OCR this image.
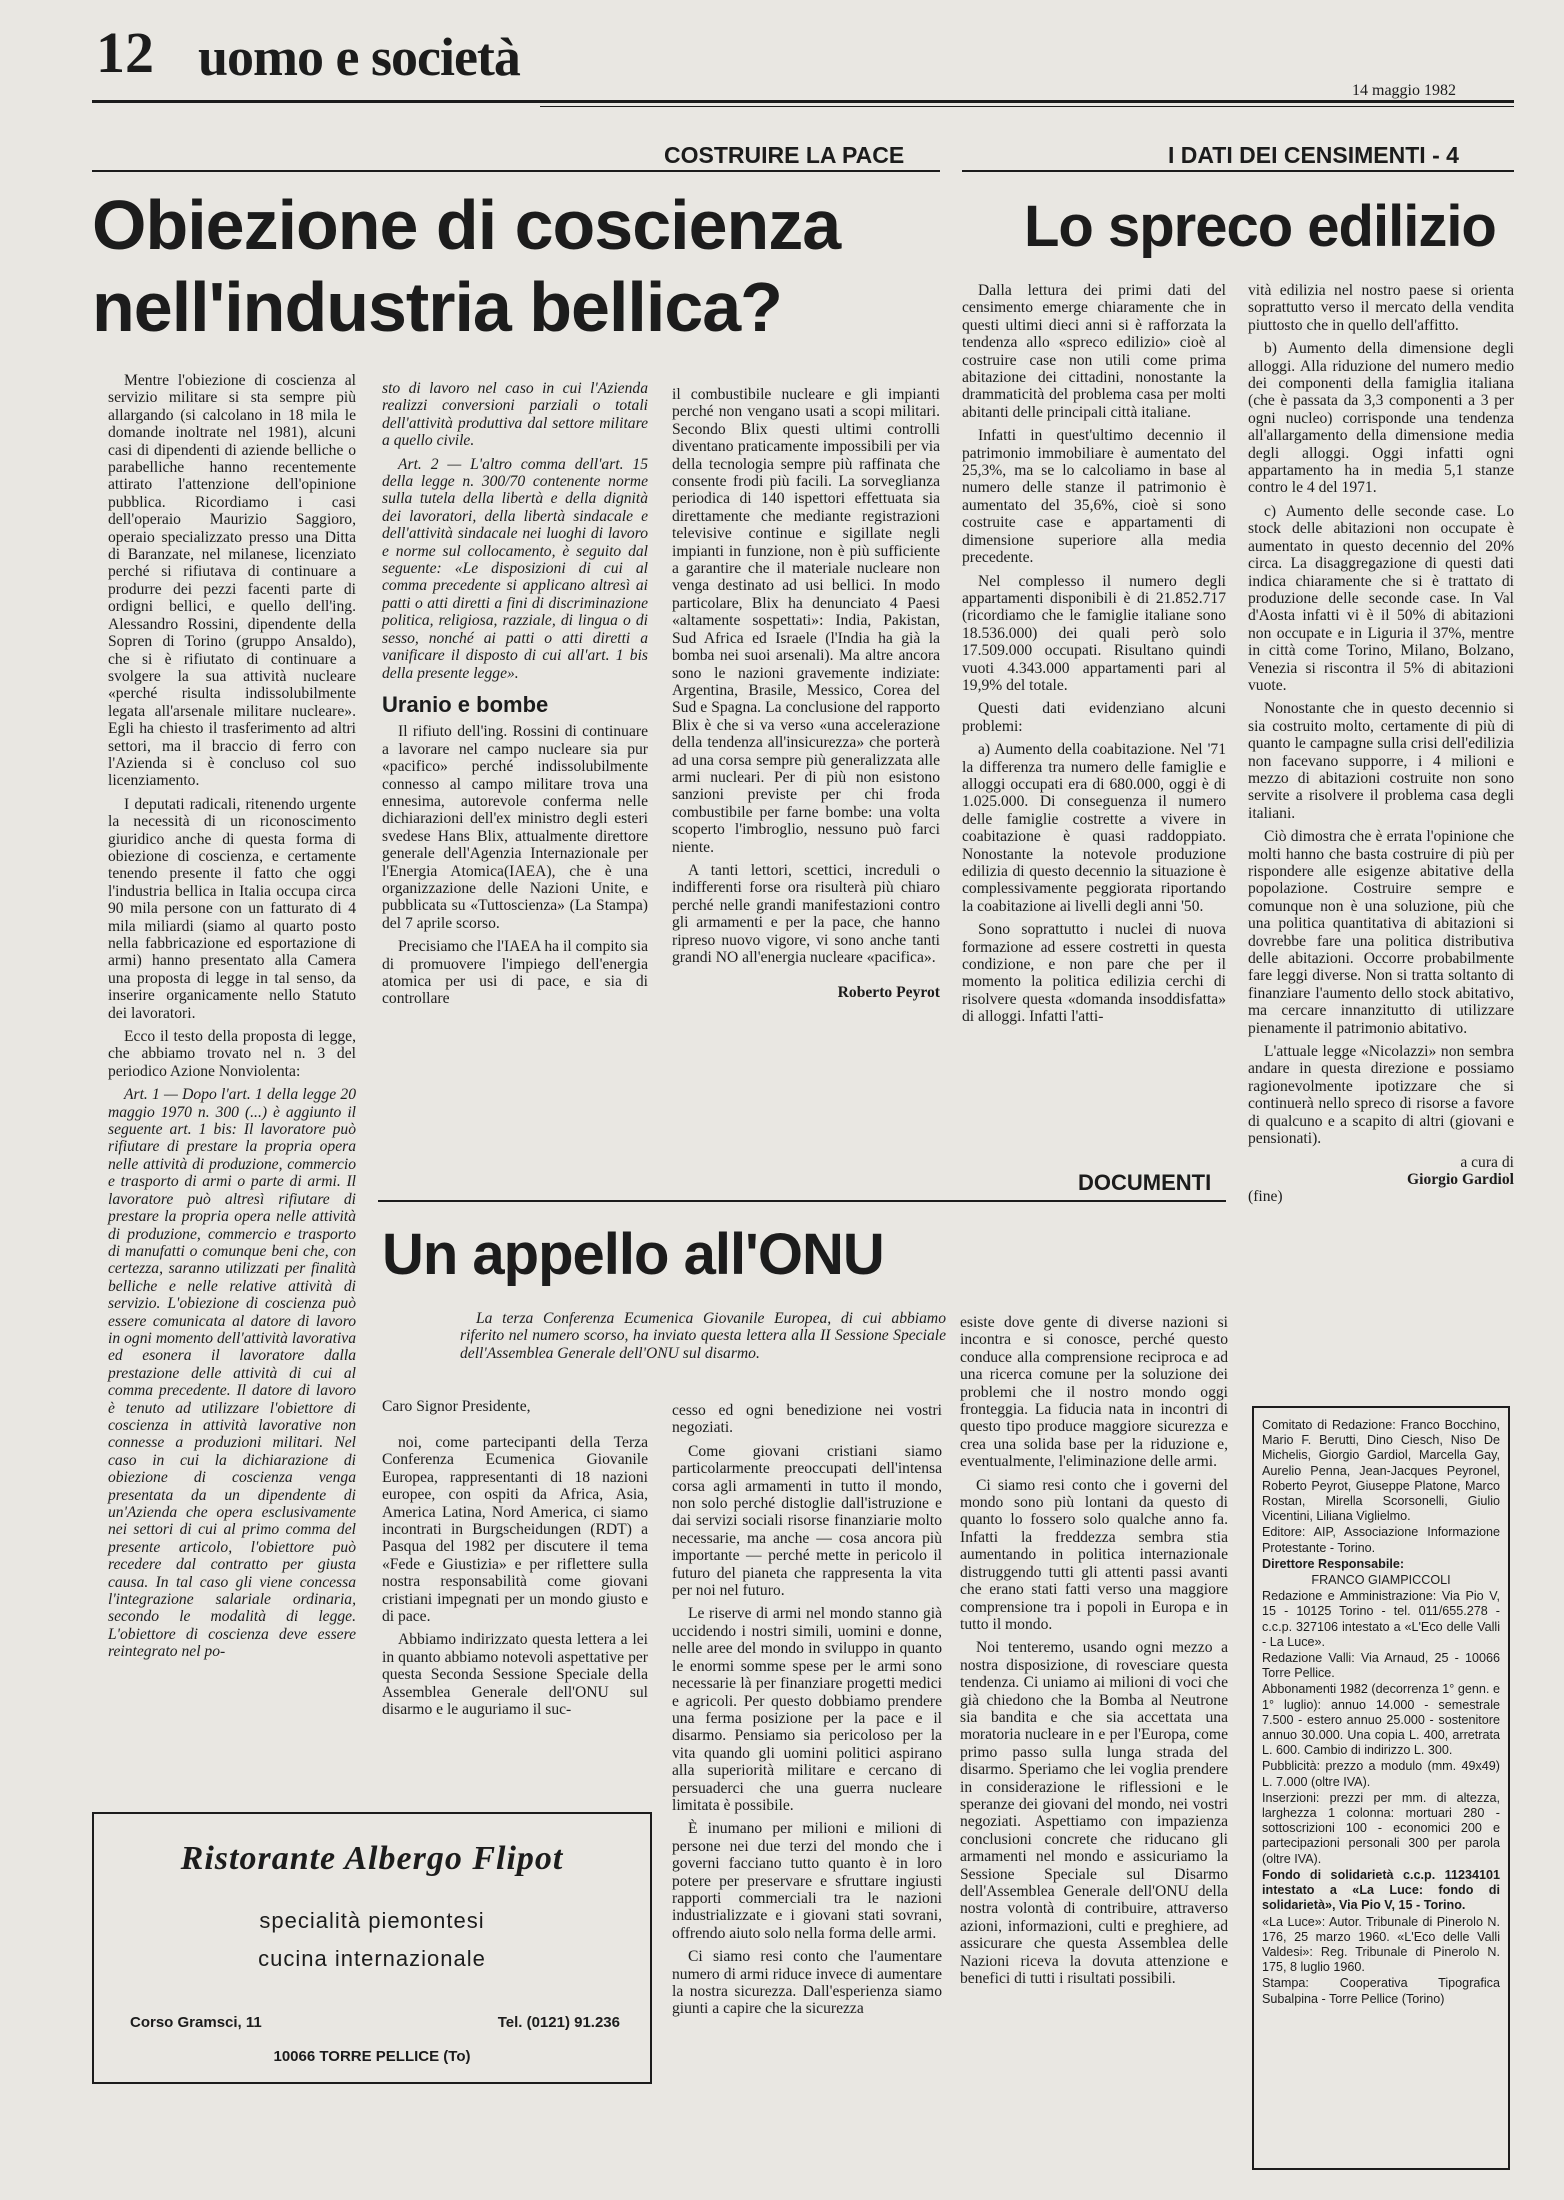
12 uomo e società
14 maggio 1982
COSTRUIRE LA PACE	I DATI DEI CENSIMENTI - 4
Obiezione di coscienza
nell'industria bellica?
Lo spreco edilizio

Mentre l'obiezione di coscienza al servizio militare si sta sempre più allargando (si calcolano in 18 mila le domande inoltrate nel 1981), alcuni casi di dipendenti di aziende belliche o parabelliche hanno recentemente attirato l'attenzione dell'opinione pubblica. Ricordiamo i casi dell'operaio Maurizio Saggioro, operaio specializzato presso una Ditta di Baranzate, nel milanese, licenziato perché si rifiutava di continuare a produrre dei pezzi facenti parte di ordigni bellici, e quello dell'ing. Alessandro Rossini, dipendente della Sopren di Torino (gruppo Ansaldo), che si è rifiutato di continuare a svolgere la sua attività nucleare «perché risulta indissolubilmente legata all'arsenale militare nucleare». Egli ha chiesto il trasferimento ad altri settori, ma il braccio di ferro con l'Azienda si è concluso col suo licenziamento.

I deputati radicali, ritenendo urgente la necessità di un riconoscimento giuridico anche di questa forma di obiezione di coscienza, e certamente tenendo presente il fatto che oggi l'industria bellica in Italia occupa circa 90 mila persone con un fatturato di 4 mila miliardi (siamo al quarto posto nella fabbricazione ed esportazione di armi) hanno presentato alla Camera una proposta di legge in tal senso, da inserire organicamente nello Statuto dei lavoratori.

Ecco il testo della proposta di legge, che abbiamo trovato nel n. 3 del periodico Azione Nonviolenta:

Art. 1 — Dopo l'art. 1 della legge 20 maggio 1970 n. 300 (...) è aggiunto il seguente art. 1 bis: Il lavoratore può rifiutare di prestare la propria opera nelle attività di produzione, commercio e trasporto di armi o parte di armi. Il lavoratore può altresì rifiutare di prestare la propria opera nelle attività di produzione, commercio e trasporto di manufatti o comunque beni che, con certezza, saranno utilizzati per finalità belliche e nelle relative attività di servizio. L'obiezione di coscienza può essere comunicata al datore di lavoro in ogni momento dell'attività lavorativa ed esonera il lavoratore dalla prestazione delle attività di cui al comma precedente. Il datore di lavoro è tenuto ad utilizzare l'obiettore di coscienza in attività lavorative non connesse a produzioni militari. Nel caso in cui la dichiarazione di obiezione di coscienza venga presentata da un dipendente di un'Azienda che opera esclusivamente nei settori di cui al primo comma del presente articolo, l'obiettore può recedere dal contratto per giusta causa. In tal caso gli viene concessa l'integrazione salariale ordinaria, secondo le modalità di legge. L'obiettore di coscienza deve essere reintegrato nel po-

sto di lavoro nel caso in cui l'Azienda realizzi conversioni parziali o totali dell'attività produttiva dal settore militare a quello civile.

Art. 2 — L'altro comma dell'art. 15 della legge n. 300/70 contenente norme sulla tutela della libertà e della dignità dei lavoratori, della libertà sindacale e dell'attività sindacale nei luoghi di lavoro e norme sul collocamento, è seguito dal seguente: «Le disposizioni di cui al comma precedente si applicano altresì ai patti o atti diretti a fini di discriminazione politica, religiosa, razziale, di lingua o di sesso, nonché ai patti o atti diretti a vanificare il disposto di cui all'art. 1 bis della presente legge».

Uranio e bombe

Il rifiuto dell'ing. Rossini di continuare a lavorare nel campo nucleare sia pur «pacifico» perché indissolubilmente connesso al campo militare trova una ennesima, autorevole conferma nelle dichiarazioni dell'ex ministro degli esteri svedese Hans Blix, attualmente direttore generale dell'Agenzia Internazionale per l'Energia Atomica(IAEA), che è una organizzazione delle Nazioni Unite, e pubblicata su «Tuttoscienza» (La Stampa) del 7 aprile scorso.

Precisiamo che l'IAEA ha il compito sia di promuovere l'impiego dell'energia atomica per usi di pace, e sia di controllare

il combustibile nucleare e gli impianti perché non vengano usati a scopi militari. Secondo Blix questi ultimi controlli diventano praticamente impossibili per via della tecnologia sempre più raffinata che consente frodi più facili. La sorveglianza periodica di 140 ispettori effettuata sia direttamente che mediante registrazioni televisive continue e sigillate negli impianti in funzione, non è più sufficiente a garantire che il materiale nucleare non venga destinato ad usi bellici. In modo particolare, Blix ha denunciato 4 Paesi «altamente sospettati»: India, Pakistan, Sud Africa ed Israele (l'India ha già la bomba nei suoi arsenali). Ma altre ancora sono le nazioni gravemente indiziate: Argentina, Brasile, Messico, Corea del Sud e Spagna. La conclusione del rapporto Blix è che si va verso «una accelerazione della tendenza all'insicurezza» che porterà ad una corsa sempre più generalizzata alle armi nucleari. Per di più non esistono sanzioni previste per chi froda combustibile per farne bombe: una volta scoperto l'imbroglio, nessuno può farci niente.

A tanti lettori, scettici, increduli o indifferenti forse ora risulterà più chiaro perché nelle grandi manifestazioni contro gli armamenti e per la pace, che hanno ripreso nuovo vigore, vi sono anche tanti grandi NO all'energia nucleare «pacifica».

Roberto Peyrot

Dalla lettura dei primi dati del censimento emerge chiaramente che in questi ultimi dieci anni si è rafforzata la tendenza allo «spreco edilizio» cioè al costruire case non utili come prima abitazione dei cittadini, nonostante la drammaticità del problema casa per molti abitanti delle principali città italiane.

Infatti in quest'ultimo decennio il patrimonio immobiliare è aumentato del 25,3%, ma se lo calcoliamo in base al numero delle stanze il patrimonio è aumentato del 35,6%, cioè si sono costruite case e appartamenti di dimensione superiore alla media precedente.

Nel complesso il numero degli appartamenti disponibili è di 21.852.717 (ricordiamo che le famiglie italiane sono 18.536.000) dei quali però solo 17.509.000 occupati. Risultano quindi vuoti 4.343.000 appartamenti pari al 19,9% del totale.

Questi dati evidenziano alcuni problemi:

a) Aumento della coabitazione. Nel '71 la differenza tra numero delle famiglie e alloggi occupati era di 680.000, oggi è di 1.025.000. Di conseguenza il numero delle famiglie costrette a vivere in coabitazione è quasi raddoppiato. Nonostante la notevole produzione edilizia di questo decennio la situazione è complessivamente peggiorata riportando la coabitazione ai livelli degli anni '50.

Sono soprattutto i nuclei di nuova formazione ad essere costretti in questa condizione, e non pare che per il momento la politica edilizia cerchi di risolvere questa «domanda insoddisfatta» di alloggi. Infatti l'atti-

vità edilizia nel nostro paese si orienta soprattutto verso il mercato della vendita piuttosto che in quello dell'affitto.

b) Aumento della dimensione degli alloggi. Alla riduzione del numero medio dei componenti della famiglia italiana (che è passata da 3,3 componenti a 3 per ogni nucleo) corrisponde una tendenza all'allargamento della dimensione media degli alloggi. Oggi infatti ogni appartamento ha in media 5,1 stanze contro le 4 del 1971.

c) Aumento delle seconde case. Lo stock delle abitazioni non occupate è aumentato in questo decennio del 20% circa. La disaggregazione di questi dati indica chiaramente che si è trattato di produzione delle seconde case. In Val d'Aosta infatti vi è il 50% di abitazioni non occupate e in Liguria il 37%, mentre in città come Torino, Milano, Bolzano, Venezia si riscontra il 5% di abitazioni vuote.

Nonostante che in questo decennio si sia costruito molto, certamente di più di quanto le campagne sulla crisi dell'edilizia non facevano supporre, i 4 milioni e mezzo di abitazioni costruite non sono servite a risolvere il problema casa degli italiani.

Ciò dimostra che è errata l'opinione che molti hanno che basta costruire di più per rispondere alle esigenze abitative della popolazione. Costruire sempre e comunque non è una soluzione, più che una politica quantitativa di abitazioni si dovrebbe fare una politica distributiva delle abitazioni. Occorre probabilmente fare leggi diverse. Non si tratta soltanto di finanziare l'aumento dello stock abitativo, ma cercare innanzitutto di utilizzare pienamente il patrimonio abitativo.

L'attuale legge «Nicolazzi» non sembra andare in questa direzione e possiamo ragionevolmente ipotizzare che si continuerà nello spreco di risorse a favore di qualcuno e a scapito di altri (giovani e pensionati).

a cura di
Giorgio Gardiol
(fine)
DOCUMENTI
Un appello all'ONU
La terza Conferenza Ecumenica Giovanile Europea, di cui abbiamo riferito nel numero scorso, ha inviato questa lettera alla II Sessione Speciale dell'Assemblea Generale dell'ONU sul disarmo.
Caro Signor Presidente,

noi, come partecipanti della Terza Conferenza Ecumenica Giovanile Europea, rappresentanti di 18 nazioni europee, con ospiti da Africa, Asia, America Latina, Nord America, ci siamo incontrati in Burgscheidungen (RDT) a Pasqua del 1982 per discutere il tema «Fede e Giustizia» e per riflettere sulla nostra responsabilità come giovani cristiani impegnati per un mondo giusto e di pace.

Abbiamo indirizzato questa lettera a lei in quanto abbiamo notevoli aspettative per questa Seconda Sessione Speciale della Assemblea Generale dell'ONU sul disarmo e le auguriamo il suc-

cesso ed ogni benedizione nei vostri negoziati.

Come giovani cristiani siamo particolarmente preoccupati dell'intensa corsa agli armamenti in tutto il mondo, non solo perché distoglie dall'istruzione e dai servizi sociali risorse finanziarie molto necessarie, ma anche — cosa ancora più importante — perché mette in pericolo il futuro del pianeta che rappresenta la vita per noi nel futuro.

Le riserve di armi nel mondo stanno già uccidendo i nostri simili, uomini e donne, nelle aree del mondo in sviluppo in quanto le enormi somme spese per le armi sono necessarie là per finanziare progetti medici e agricoli. Per questo dobbiamo prendere una ferma posizione per la pace e il disarmo. Pensiamo sia pericoloso per la vita quando gli uomini politici aspirano alla superiorità militare e cercano di persuaderci che una guerra nucleare limitata è possibile.

È inumano per milioni e milioni di persone nei due terzi del mondo che i governi facciano tutto quanto è in loro potere per preservare e sfruttare ingiusti rapporti commerciali tra le nazioni industrializzate e i giovani stati sovrani, offrendo aiuto solo nella forma delle armi.

Ci siamo resi conto che l'aumentare numero di armi riduce invece di aumentare la nostra sicurezza. Dall'esperienza siamo giunti a capire che la sicurezza

esiste dove gente di diverse nazioni si incontra e si conosce, perché questo conduce alla comprensione reciproca e ad una ricerca comune per la soluzione dei problemi che il nostro mondo oggi fronteggia. La fiducia nata in incontri di questo tipo produce maggiore sicurezza e crea una solida base per la riduzione e, eventualmente, l'eliminazione delle armi.

Ci siamo resi conto che i governi del mondo sono più lontani da questo di quanto lo fossero solo qualche anno fa. Infatti la freddezza sembra stia aumentando in politica internazionale distruggendo tutti gli attenti passi avanti che erano stati fatti verso una maggiore comprensione tra i popoli in Europa e in tutto il mondo.

Noi tenteremo, usando ogni mezzo a nostra disposizione, di rovesciare questa tendenza. Ci uniamo ai milioni di voci che già chiedono che la Bomba al Neutrone sia bandita e che sia accettata una moratoria nucleare in e per l'Europa, come primo passo sulla lunga strada del disarmo. Speriamo che lei voglia prendere in considerazione le riflessioni e le speranze dei giovani del mondo, nei vostri negoziati. Aspettiamo con impazienza conclusioni concrete che riducano gli armamenti nel mondo e assicuriamo la Sessione Speciale sul Disarmo dell'Assemblea Generale dell'ONU della nostra volontà di contribuire, attraverso azioni, informazioni, culti e preghiere, ad assicurare che questa Assemblea delle Nazioni riceva la dovuta attenzione e benefici di tutti i risultati possibili.

Ristorante Albergo Flipot
specialità piemontesi
cucina internazionale
Corso Gramsci, 11	Tel. (0121) 91.236
10066 TORRE PELLICE (To)

Comitato di Redazione: Franco Bocchino, Mario F. Berutti, Dino Ciesch, Niso De Michelis, Giorgio Gardiol, Marcella Gay, Aurelio Penna, Jean-Jacques Peyronel, Roberto Peyrot, Giuseppe Platone, Marco Rostan, Mirella Scorsonelli, Giulio Vicentini, Liliana Viglielmo.

Editore: AIP, Associazione Informazione Protestante - Torino.

Direttore Responsabile:

FRANCO GIAMPICCOLI

Redazione e Amministrazione: Via Pio V, 15 - 10125 Torino - tel. 011/655.278 - c.c.p. 327106 intestato a «L'Eco delle Valli - La Luce».

Redazione Valli: Via Arnaud, 25 - 10066 Torre Pellice.

Abbonamenti 1982 (decorrenza 1° genn. e 1° luglio): annuo 14.000 - semestrale 7.500 - estero annuo 25.000 - sostenitore annuo 30.000. Una copia L. 400, arretrata L. 600. Cambio di indirizzo L. 300.

Pubblicità: prezzo a modulo (mm. 49x49) L. 7.000 (oltre IVA).

Inserzioni: prezzi per mm. di altezza, larghezza 1 colonna: mortuari 280 - sottoscrizioni 100 - economici 200 e partecipazioni personali 300 per parola (oltre IVA).

Fondo di solidarietà c.c.p. 11234101 intestato a «La Luce: fondo di solidarietà», Via Pio V, 15 - Torino.

«La Luce»: Autor. Tribunale di Pinerolo N. 176, 25 marzo 1960. «L'Eco delle Valli Valdesi»: Reg. Tribunale di Pinerolo N. 175, 8 luglio 1960.

Stampa: Cooperativa Tipografica Subalpina - Torre Pellice (Torino)
